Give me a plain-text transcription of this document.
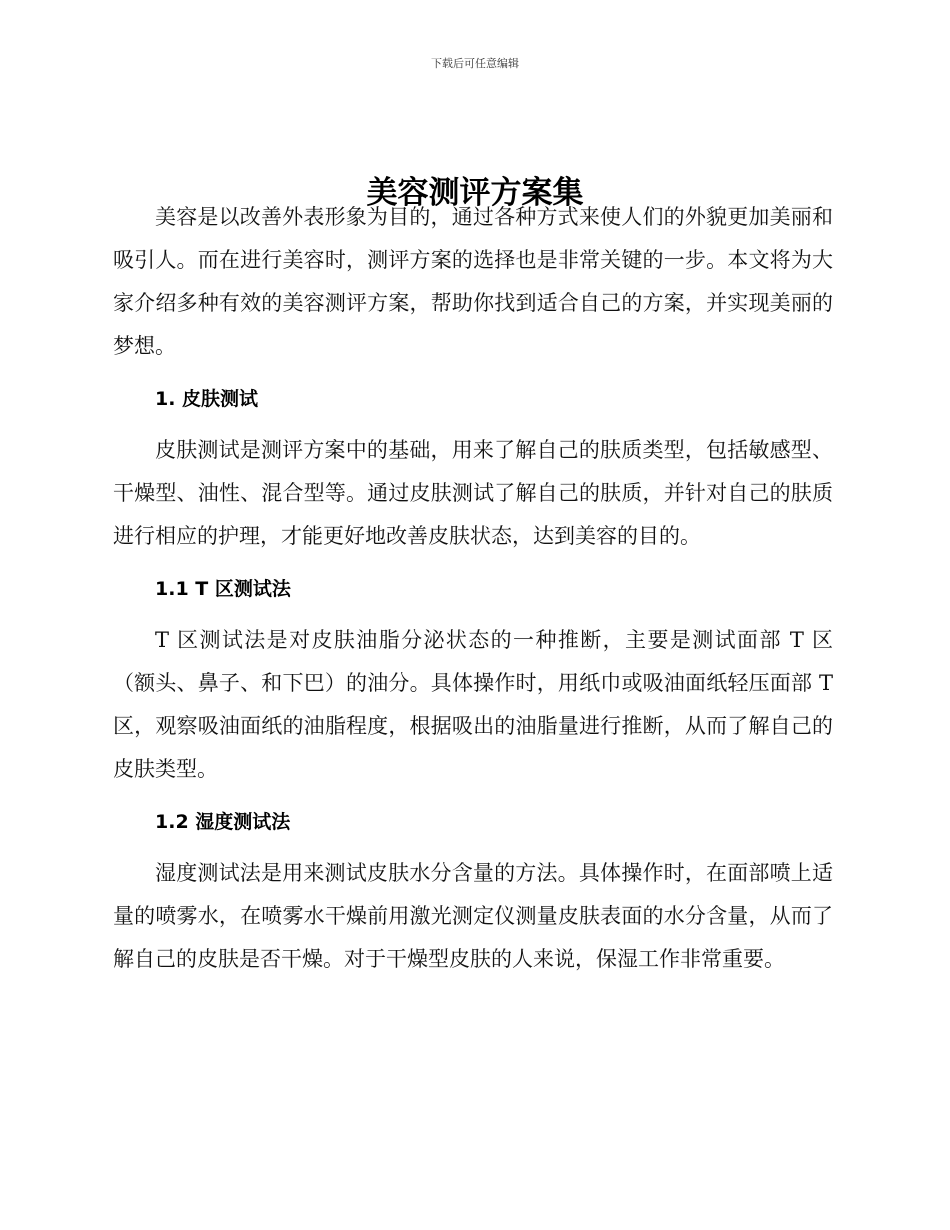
下载后可任意编辑
美容测评方案集

美容是以改善外表形象为目的，通过各种方式来使人们的外貌更加美丽和吸引人。而在进行美容时，测评方案的选择也是非常关键的一步。本文将为大家介绍多种有效的美容测评方案，帮助你找到适合自己的方案，并实现美丽的梦想。

1. 皮肤测试

皮肤测试是测评方案中的基础，用来了解自己的肤质类型，包括敏感型、干燥型、油性、混合型等。通过皮肤测试了解自己的肤质，并针对自己的肤质进行相应的护理，才能更好地改善皮肤状态，达到美容的目的。

1.1 T 区测试法

T 区测试法是对皮肤油脂分泌状态的一种推断，主要是测试面部 T 区（额头、鼻子、和下巴）的油分。具体操作时，用纸巾或吸油面纸轻压面部 T 区，观察吸油面纸的油脂程度，根据吸出的油脂量进行推断，从而了解自己的皮肤类型。

1.2 湿度测试法

湿度测试法是用来测试皮肤水分含量的方法。具体操作时，在面部喷上适量的喷雾水，在喷雾水干燥前用激光测定仪测量皮肤表面的水分含量，从而了解自己的皮肤是否干燥。对于干燥型皮肤的人来说，保湿工作非常重要。
